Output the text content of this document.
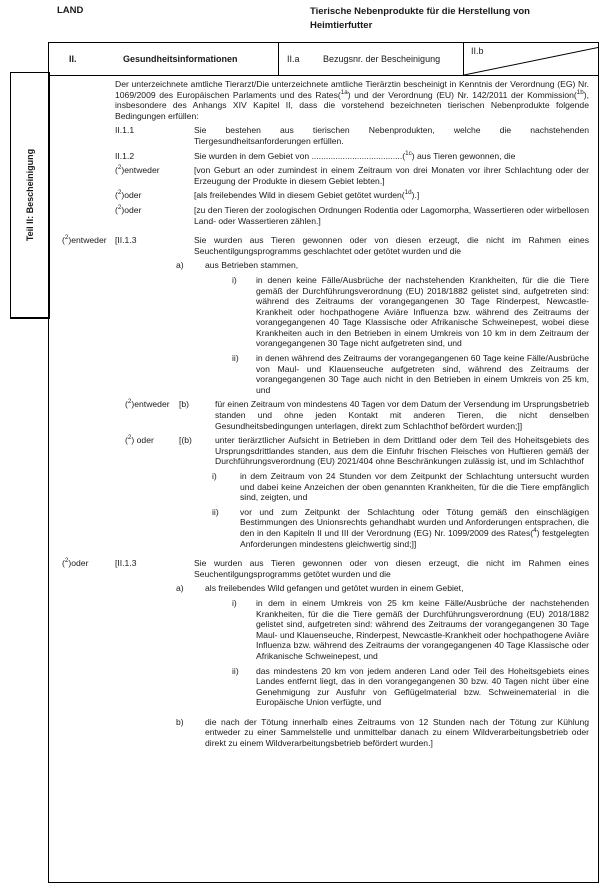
LAND	Tierische Nebenprodukte für die Herstellung von Heimtierfutter
Teil II: Bescheinigung
II.	Gesundheitsinformationen	II.a	Bezugsnr. der Bescheinigung
II.b
Der unterzeichnete amtliche Tierarzt/Die unterzeichnete amtliche Tierärztin bescheinigt in Kenntnis der Verordnung (EG) Nr. 1069/2009 des Europäischen Parlaments und des Rates($^{1a}$) und der Verordnung (EU) Nr. 142/2011 der Kommission($^{1b}$), insbesondere des Anhangs XIV Kapitel II, dass die vorstehend bezeichneten tierischen Nebenprodukte folgende Bedingungen erfüllen:
II.1.1	Sie bestehen aus tierischen Nebenprodukten, welche die nachstehenden Tiergesundheitsanforderungen erfüllen.
II.1.2	Sie wurden in dem Gebiet von ......................................($^{1c}$) aus Tieren gewonnen, die
($^2$)entweder	[von Geburt an oder zumindest in einem Zeitraum von drei Monaten vor ihrer Schlachtung oder der Erzeugung der Produkte in diesem Gebiet lebten.]
($^2$)oder	[als freilebendes Wild in diesem Gebiet getötet wurden($^{1d}$).]
($^2$)oder	[zu den Tieren der zoologischen Ordnungen Rodentia oder Lagomorpha, Wassertieren oder wirbellosen Land- oder Wassertieren zählen.]
($^2$)entweder [II.1.3	Sie wurden aus Tieren gewonnen oder von diesen erzeugt, die nicht im Rahmen eines Seuchentilgungsprogramms geschlachtet oder getötet wurden und die
a)	aus Betrieben stammen,
i)	in denen keine Fälle/Ausbrüche der nachstehenden Krankheiten, für die die Tiere gemäß der Durchführungsverordnung (EU) 2018/1882 gelistet sind, aufgetreten sind: während des Zeitraums der vorangegangenen 30 Tage Rinderpest, Newcastle-Krankheit oder hochpathogene Aviäre Influenza bzw. während des Zeitraums der vorangegangenen 40 Tage Klassische oder Afrikanische Schweinepest, wobei diese Krankheiten auch in den Betrieben in einem Umkreis von 10 km in dem Zeitraum der vorangegangenen 30 Tage nicht aufgetreten sind, und
ii)	in denen während des Zeitraums der vorangegangenen 60 Tage keine Fälle/Ausbrüche von Maul- und Klauenseuche aufgetreten sind, während des Zeitraums der vorangegangenen 30 Tage auch nicht in den Betrieben in einem Umkreis von 25 km, und
($^2$)entweder	[b)	für einen Zeitraum von mindestens 40 Tagen vor dem Datum der Versendung im Ursprungsbetrieb standen und ohne jeden Kontakt mit anderen Tieren, die nicht denselben Gesundheitsbedingungen unterlagen, direkt zum Schlachthof befördert wurden;]]
($^2$) oder	[(b)	unter tierärztlicher Aufsicht in Betrieben in dem Drittland oder dem Teil des Hoheitsgebiets des Ursprungsdrittlandes standen, aus dem die Einfuhr frischen Fleisches von Huftieren gemäß der Durchführungsverordnung (EU) 2021/404 ohne Beschränkungen zulässig ist, und im Schlachthof
i)	in dem Zeitraum von 24 Stunden vor dem Zeitpunkt der Schlachtung untersucht wurden und dabei keine Anzeichen der oben genannten Krankheiten, für die die Tiere empfänglich sind, zeigten, und
ii)	vor und zum Zeitpunkt der Schlachtung oder Tötung gemäß den einschlägigen Bestimmungen des Unionsrechts gehandhabt wurden und Anforderungen entsprachen, die den in den Kapiteln II und III der Verordnung (EG) Nr. 1099/2009 des Rates($^4$) festgelegten Anforderungen mindestens gleichwertig sind;]]
($^2$)oder	[II.1.3	Sie wurden aus Tieren gewonnen oder von diesen erzeugt, die nicht im Rahmen eines Seuchentilgungsprogramms getötet wurden und die
a)	als freilebendes Wild gefangen und getötet wurden in einem Gebiet,
i)	in dem in einem Umkreis von 25 km keine Fälle/Ausbrüche der nachstehenden Krankheiten, für die die Tiere gemäß der Durchführungsverordnung (EU) 2018/1882 gelistet sind, aufgetreten sind: während des Zeitraums der vorangegangenen 30 Tage Maul- und Klauenseuche, Rinderpest, Newcastle-Krankheit oder hochpathogene Aviäre Influenza bzw. während des Zeitraums der vorangegangenen 40 Tage Klassische oder Afrikanische Schweinepest, und
ii)	das mindestens 20 km von jedem anderen Land oder Teil des Hoheitsgebiets eines Landes entfernt liegt, das in den vorangegangenen 30 bzw. 40 Tagen nicht über eine Genehmigung zur Ausfuhr von Geflügelmaterial bzw. Schweinematerial in die Europäische Union verfügte, und
b)	die nach der Tötung innerhalb eines Zeitraums von 12 Stunden nach der Tötung zur Kühlung entweder zu einer Sammelstelle und unmittelbar danach zu einem Wildverarbeitungsbetrieb oder direkt zu einem Wildverarbeitungsbetrieb befördert wurden.]
